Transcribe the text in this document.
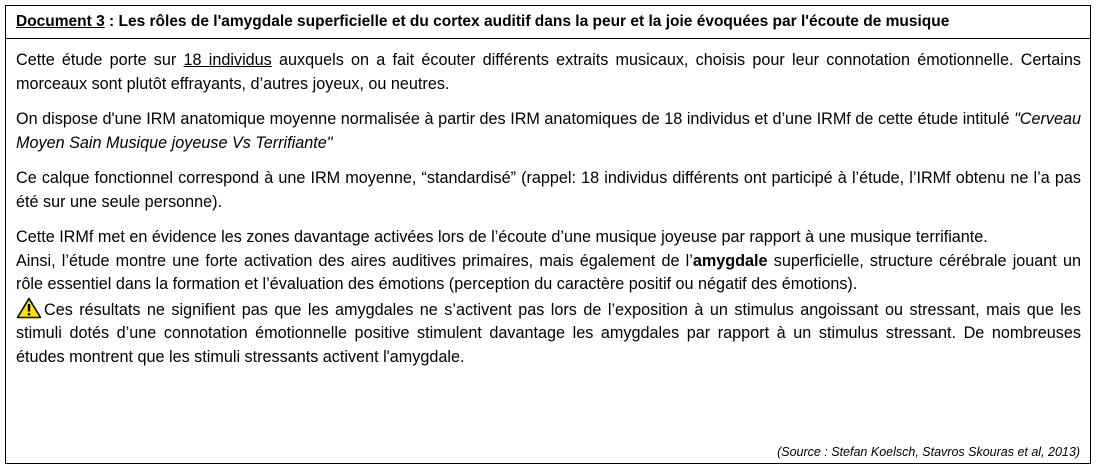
Document 3 : Les rôles de l'amygdale superficielle et du cortex auditif dans la peur et la joie évoquées par l'écoute de musique

Cette étude porte sur 18 individus auxquels on a fait écouter différents extraits musicaux, choisis pour leur connotation émotionnelle. Certains morceaux sont plutôt effrayants, d’autres joyeux, ou neutres.

On dispose d'une IRM anatomique moyenne normalisée à partir des IRM anatomiques de 18 individus et d’une IRMf de cette étude intitulé "Cerveau Moyen Sain Musique joyeuse Vs Terrifiante"

Ce calque fonctionnel correspond à une IRM moyenne, “standardisé” (rappel: 18 individus différents ont participé à l’étude, l’IRMf obtenu ne l’a pas été sur une seule personne).

Cette IRMf met en évidence les zones davantage activées lors de l’écoute d’une musique joyeuse par rapport à une musique terrifiante.
Ainsi, l’étude montre une forte activation des aires auditives primaires, mais également de l’amygdale superficielle, structure cérébrale jouant un rôle essentiel dans la formation et l’évaluation des émotions (perception du caractère positif ou négatif des émotions).
Ces résultats ne signifient pas que les amygdales ne s’activent pas lors de l’exposition à un stimulus angoissant ou stressant, mais que les stimuli dotés d’une connotation émotionnelle positive stimulent davantage les amygdales par rapport à un stimulus stressant. De nombreuses études montrent que les stimuli stressants activent l'amygdale.

(Source : Stefan Koelsch, Stavros Skouras et al, 2013)
